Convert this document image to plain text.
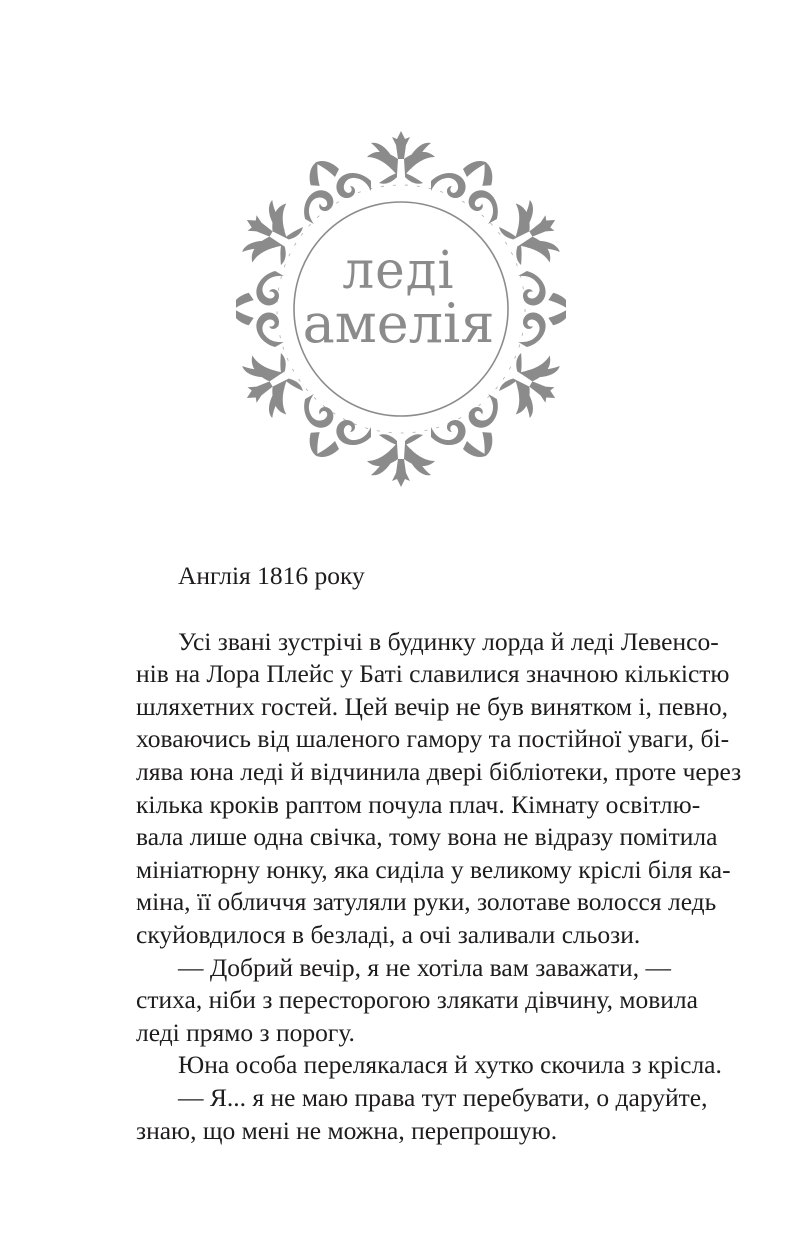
леді
амелія
Англія 1816 року
Усі звані зустрічі в будинку лорда й леді Левенсо-
нів на Лора Плейс у Баті славилися значною кількістю
шляхетних гостей. Цей вечір не був винятком і, певно,
ховаючись від шаленого гамору та постійної уваги, бі-
лява юна леді й відчинила двері бібліотеки, проте через
кілька кроків раптом почула плач. Кімнату освітлю-
вала лише одна свічка, тому вона не відразу помітила
мініатюрну юнку, яка сиділа у великому кріслі біля ка-
міна, її обличчя затуляли руки, золотаве волосся ледь
скуйовдилося в безладі, а очі заливали сльози.
— Добрий вечір, я не хотіла вам заважати, —
стиха, ніби з пересторогою злякати дівчину, мовила
леді прямо з порогу.
Юна особа перелякалася й хутко скочила з крісла.
— Я... я не маю права тут перебувати, о даруйте,
знаю, що мені не можна, перепрошую.
